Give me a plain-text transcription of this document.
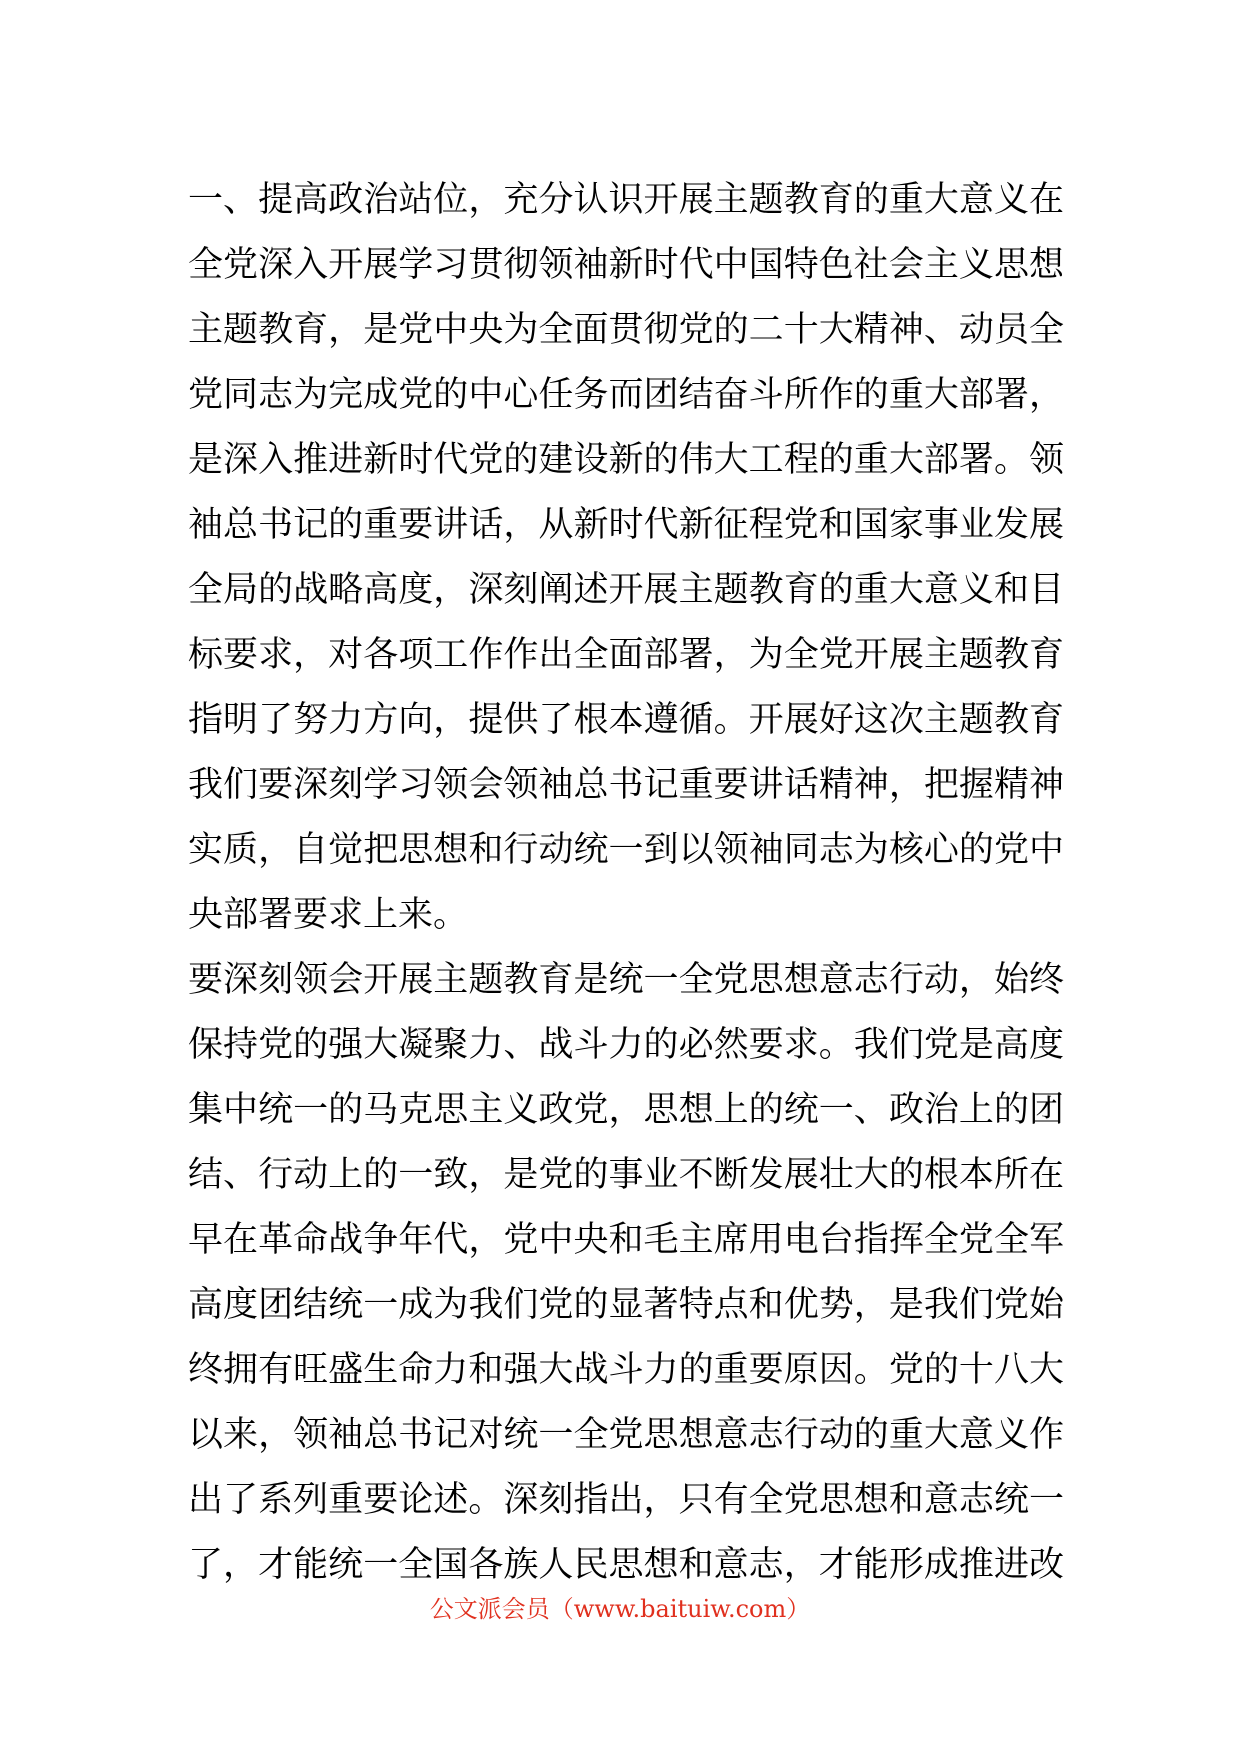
一、提高政治站位，充分认识开展主题教育的重大意义在
全党深入开展学习贯彻领袖新时代中国特色社会主义思想
主题教育，是党中央为全面贯彻党的二十大精神、动员全
党同志为完成党的中心任务而团结奋斗所作的重大部署，
是深入推进新时代党的建设新的伟大工程的重大部署。领
袖总书记的重要讲话，从新时代新征程党和国家事业发展
全局的战略高度，深刻阐述开展主题教育的重大意义和目
标要求，对各项工作作出全面部署，为全党开展主题教育
指明了努力方向，提供了根本遵循。开展好这次主题教育
我们要深刻学习领会领袖总书记重要讲话精神，把握精神
实质，自觉把思想和行动统一到以领袖同志为核心的党中
央部署要求上来。
要深刻领会开展主题教育是统一全党思想意志行动，始终
保持党的强大凝聚力、战斗力的必然要求。我们党是高度
集中统一的马克思主义政党，思想上的统一、政治上的团
结、行动上的一致，是党的事业不断发展壮大的根本所在
早在革命战争年代，党中央和毛主席用电台指挥全党全军
高度团结统一成为我们党的显著特点和优势，是我们党始
终拥有旺盛生命力和强大战斗力的重要原因。党的十八大
以来，领袖总书记对统一全党思想意志行动的重大意义作
出了系列重要论述。深刻指出，只有全党思想和意志统一
了，才能统一全国各族人民思想和意志，才能形成推进改
公文派会员（www.baituiw.com）
